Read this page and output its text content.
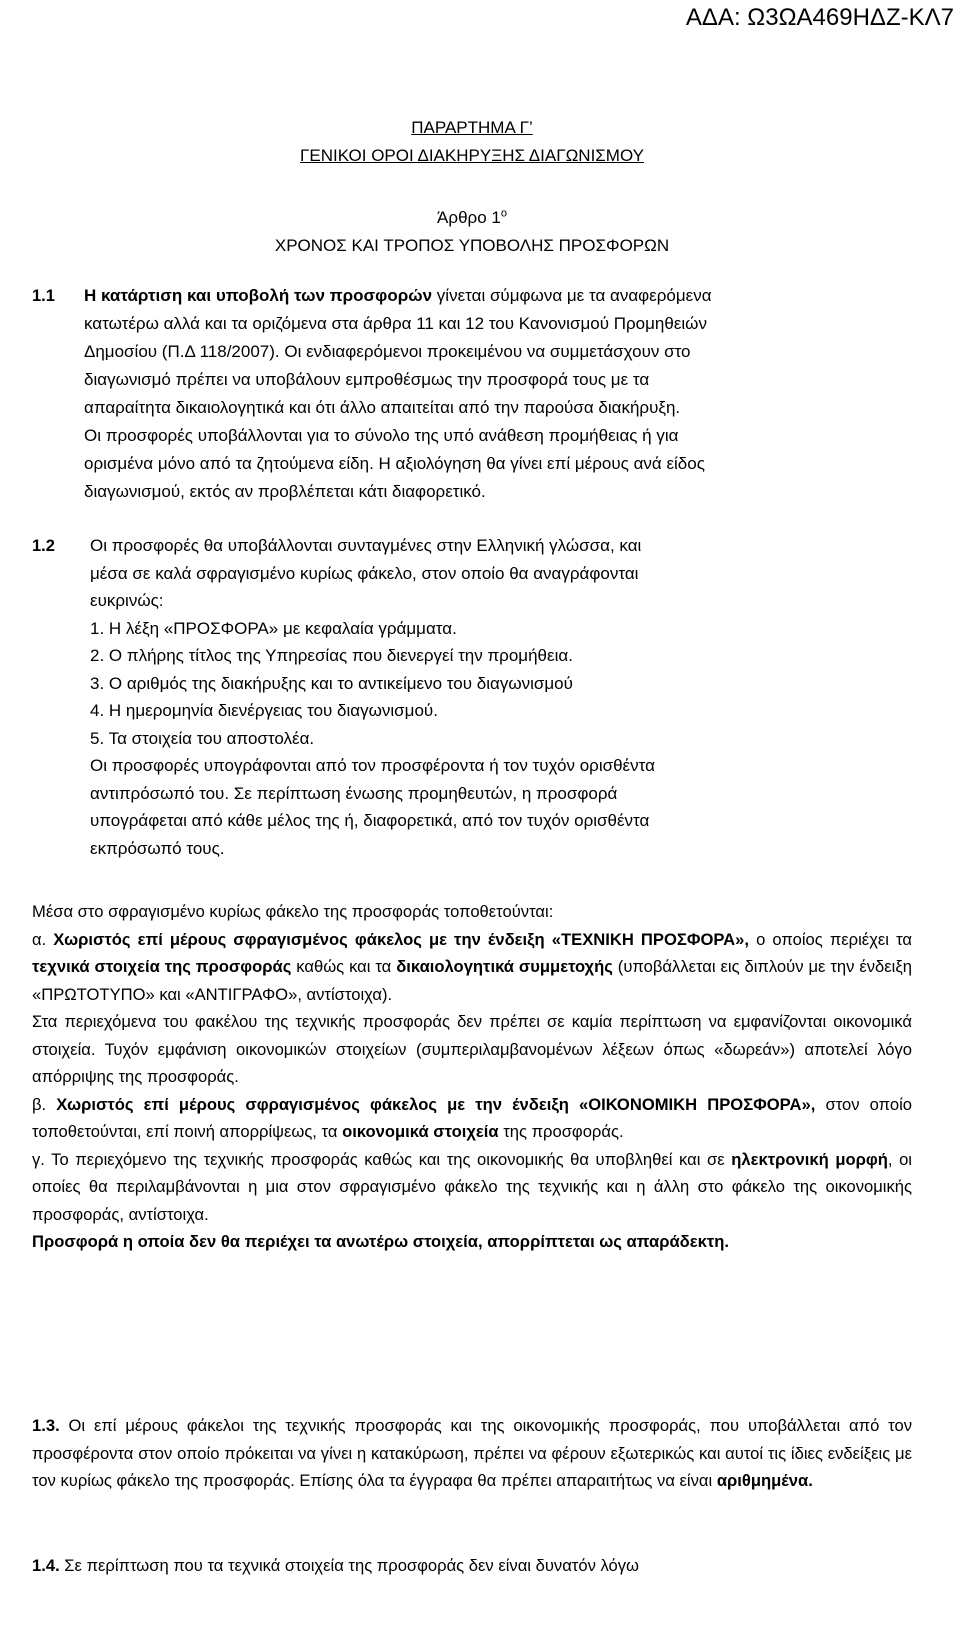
ΑΔΑ: Ω3ΩΑ469ΗΔΖ-ΚΛ7
ΠΑΡΑΡΤΗΜΑ Γ’
ΓΕΝΙΚΟΙ ΟΡΟΙ ΔΙΑΚΗΡΥΞΗΣ ΔΙΑΓΩΝΙΣΜΟΥ
Άρθρο $1^o$
ΧΡΟΝΟΣ ΚΑΙ ΤΡΟΠΟΣ ΥΠΟΒΟΛΗΣ ΠΡΟΣΦΟΡΩΝ
1.1 Η κατάρτιση και υποβολή των προσφορών γίνεται σύμφωνα με τα αναφερόμενα

κατωτέρω αλλά και τα οριζόμενα στα άρθρα 11 και 12 του Κανονισμού Προμηθειών

Δημοσίου (Π.Δ 118/2007). Οι ενδιαφερόμενοι προκειμένου να συμμετάσχουν στο

διαγωνισμό πρέπει να υποβάλουν εμπροθέσμως την προσφορά τους με τα

απαραίτητα δικαιολογητικά και ότι άλλο απαιτείται από την παρούσα διακήρυξη.

Οι προσφορές υποβάλλονται για το σύνολο της υπό ανάθεση προμήθειας ή για

ορισμένα μόνο από τα ζητούμενα είδη. Η αξιολόγηση θα γίνει επί μέρους ανά είδος

διαγωνισμού, εκτός αν προβλέπεται κάτι διαφορετικό.

1.2 Οι προσφορές θα υποβάλλονται συνταγμένες στην Ελληνική γλώσσα, και

μέσα σε καλά σφραγισμένο κυρίως φάκελο, στον οποίο θα αναγράφονται

ευκρινώς:

1. Η λέξη «ΠΡΟΣΦΟΡΑ» με κεφαλαία γράμματα.

2. Ο πλήρης τίτλος της Υπηρεσίας που διενεργεί την προμήθεια.

3. Ο αριθμός της διακήρυξης και το αντικείμενο του διαγωνισμού

4. Η ημερομηνία διενέργειας του διαγωνισμού.

5. Τα στοιχεία του αποστολέα.

Οι προσφορές υπογράφονται από τον προσφέροντα ή τον τυχόν ορισθέντα

αντιπρόσωπό του. Σε περίπτωση ένωσης προμηθευτών, η προσφορά

υπογράφεται από κάθε μέλος της ή, διαφορετικά, από τον τυχόν ορισθέντα

εκπρόσωπό τους.

Μέσα στο σφραγισμένο κυρίως φάκελο της προσφοράς τοποθετούνται:

α. Χωριστός επί μέρους σφραγισμένος φάκελος με την ένδειξη «ΤΕΧΝΙΚΗ ΠΡΟΣΦΟΡΑ», ο οποίος περιέχει τα τεχνικά στοιχεία της προσφοράς καθώς και τα δικαιολογητικά συμμετοχής (υποβάλλεται εις διπλούν με την ένδειξη «ΠΡΩΤΟΤΥΠΟ» και «ΑΝΤΙΓΡΑΦΟ», αντίστοιχα).

Στα περιεχόμενα του φακέλου της τεχνικής προσφοράς δεν πρέπει σε καμία περίπτωση να εμφανίζονται οικονομικά στοιχεία. Τυχόν εμφάνιση οικονομικών στοιχείων (συμπεριλαμβανομένων λέξεων όπως «δωρεάν») αποτελεί λόγο απόρριψης της προσφοράς.

β. Χωριστός επί μέρους σφραγισμένος φάκελος με την ένδειξη «ΟΙΚΟΝΟΜΙΚΗ ΠΡΟΣΦΟΡΑ», στον οποίο τοποθετούνται, επί ποινή απορρίψεως, τα οικονομικά στοιχεία της προσφοράς.

γ. Το περιεχόμενο της τεχνικής προσφοράς καθώς και της οικονομικής θα υποβληθεί και σε ηλεκτρονική μορφή, οι οποίες θα περιλαμβάνονται η μια στον σφραγισμένο φάκελο της τεχνικής και η άλλη στο φάκελο της οικονομικής προσφοράς, αντίστοιχα.

Προσφορά η οποία δεν θα περιέχει τα ανωτέρω στοιχεία, απορρίπτεται ως απαράδεκτη.

1.3. Οι επί μέρους φάκελοι της τεχνικής προσφοράς και της οικονομικής προσφοράς, που υποβάλλεται από τον προσφέροντα στον οποίο πρόκειται να γίνει η κατακύρωση, πρέπει να φέρουν εξωτερικώς και αυτοί τις ίδιες ενδείξεις με τον κυρίως φάκελο της προσφοράς. Επίσης όλα τα έγγραφα θα πρέπει απαραιτήτως να είναι αριθμημένα.

1.4. Σε περίπτωση που τα τεχνικά στοιχεία της προσφοράς δεν είναι δυνατόν λόγω
